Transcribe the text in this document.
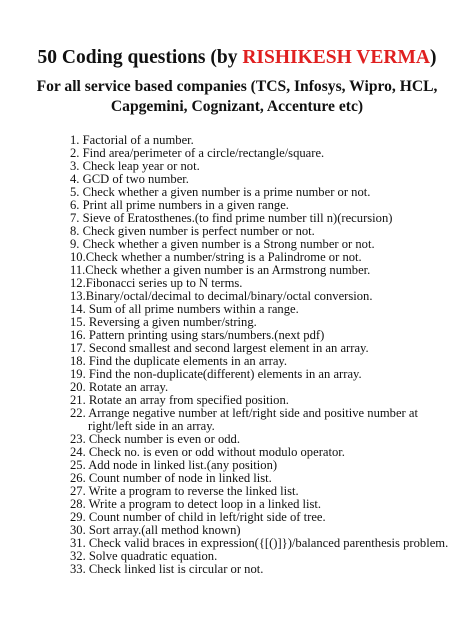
50 Coding questions (by RISHIKESH VERMA)
For all service based companies (TCS, Infosys, Wipro, HCL,
Capgemini, Cognizant, Accenture etc)
1. Factorial of a number.
2. Find area/perimeter of a circle/rectangle/square.
3. Check leap year or not.
4. GCD of two number.
5. Check whether a given number is a prime number or not.
6. Print all prime numbers in a given range.
7. Sieve of Eratosthenes.(to find prime number till n)(recursion)
8. Check given number is perfect number or not.
9. Check whether a given number is a Strong number or not.
10.Check whether a number/string is a Palindrome or not.
11.Check whether a given number is an Armstrong number.
12.Fibonacci series up to N terms.
13.Binary/octal/decimal to decimal/binary/octal conversion.
14. Sum of all prime numbers within a range.
15. Reversing a given number/string.
16. Pattern printing using stars/numbers.(next pdf)
17. Second smallest and second largest element in an array.
18. Find the duplicate elements in an array.
19. Find the non-duplicate(different) elements in an array.
20. Rotate an array.
21. Rotate an array from specified position.
22. Arrange negative number at left/right side and positive number at
right/left side in an array.
23. Check number is even or odd.
24. Check no. is even or odd without modulo operator.
25. Add node in linked list.(any position)
26. Count number of node in linked list.
27. Write a program to reverse the linked list.
28. Write a program to detect loop in a linked list.
29. Count number of child in left/right side of tree.
30. Sort array.(all method known)
31. Check valid braces in expression({[()]})/balanced parenthesis problem.
32. Solve quadratic equation.
33. Check linked list is circular or not.
